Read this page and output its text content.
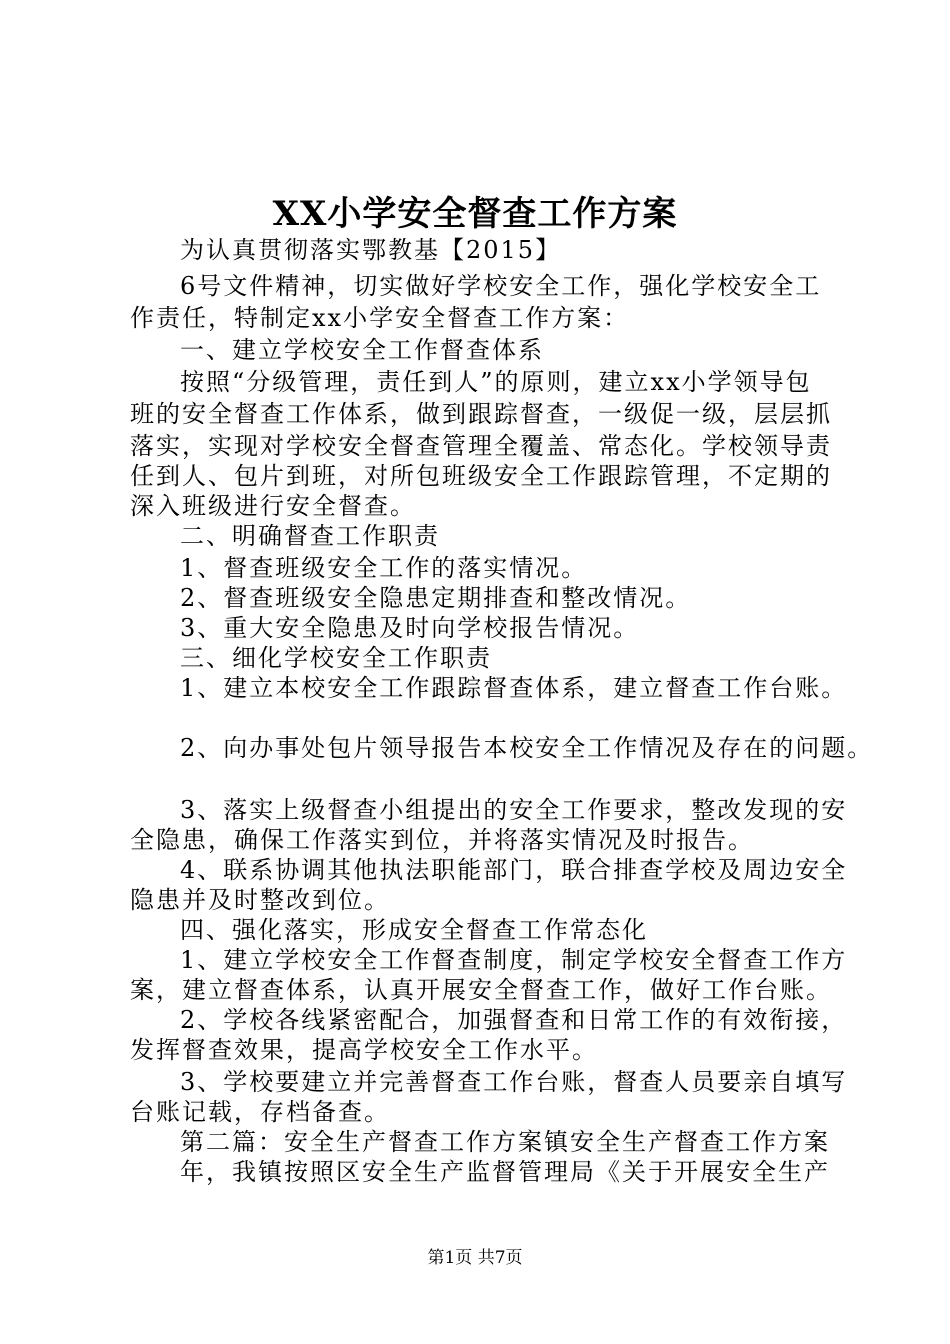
XX小学安全督查工作方案
为认真贯彻落实鄂教基【2015】
6号文件精神，切实做好学校安全工作，强化学校安全工
作责任，特制定xx小学安全督查工作方案：
一、建立学校安全工作督查体系
按照“分级管理，责任到人”的原则，建立xx小学领导包
班的安全督查工作体系，做到跟踪督查，一级促一级，层层抓
落实，实现对学校安全督查管理全覆盖、常态化。学校领导责
任到人、包片到班，对所包班级安全工作跟踪管理，不定期的
深入班级进行安全督查。
二、明确督查工作职责
1、督查班级安全工作的落实情况。
2、督查班级安全隐患定期排查和整改情况。
3、重大安全隐患及时向学校报告情况。
三、细化学校安全工作职责
1、建立本校安全工作跟踪督查体系，建立督查工作台账。
2、向办事处包片领导报告本校安全工作情况及存在的问题。
3、落实上级督查小组提出的安全工作要求，整改发现的安
全隐患，确保工作落实到位，并将落实情况及时报告。
4、联系协调其他执法职能部门，联合排查学校及周边安全
隐患并及时整改到位。
四、强化落实，形成安全督查工作常态化
1、建立学校安全工作督查制度，制定学校安全督查工作方
案，建立督查体系，认真开展安全督查工作，做好工作台账。
2、学校各线紧密配合，加强督查和日常工作的有效衔接，
发挥督查效果，提高学校安全工作水平。
3、学校要建立并完善督查工作台账，督查人员要亲自填写
台账记载，存档备查。
第二篇：安全生产督查工作方案镇安全生产督查工作方案
年，我镇按照区安全生产监督管理局《关于开展安全生产
第1页 共7页
